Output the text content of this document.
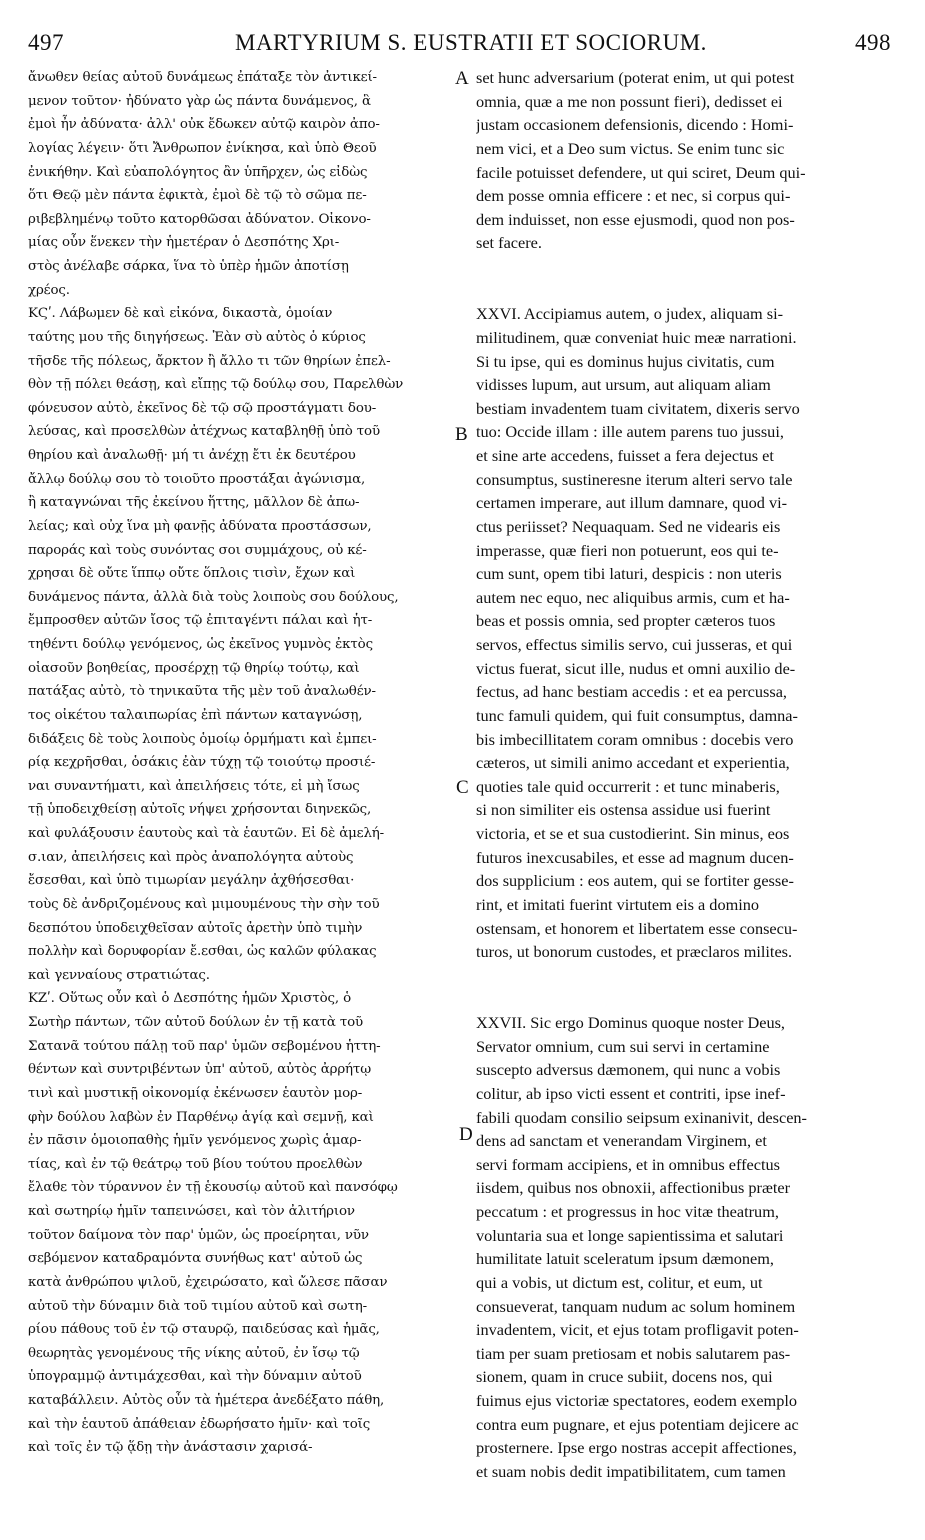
497	MARTYRIUM S. EUSTRATII ET SOCIORUM.	498
ἄνωθεν θείας αὐτοῦ δυνάμεως ἐπάταξε τὸν ἀντικεί-
μενον τοῦτον· ἠδύνατο γὰρ ὡς πάντα δυνάμενος, ἃ
ἐμοὶ ἦν ἀδύνατα· ἀλλ' οὐκ ἔδωκεν αὐτῷ καιρὸν ἀπο-
λογίας λέγειν· ὅτι Ἄνθρωπον ἐνίκησα, καὶ ὑπὸ Θεοῦ
ἐνικήθην. Καὶ εὐαπολόγητος ἂν ὑπῆρχεν, ὡς εἰδὼς
ὅτι Θεῷ μὲν πάντα ἐφικτὰ, ἐμοὶ δὲ τῷ τὸ σῶμα πε-
ριβεβλημένῳ τοῦτο κατορθῶσαι ἀδύνατον. Οἰκονο-
μίας οὖν ἕνεκεν τὴν ἡμετέραν ὁ Δεσπότης Χρι-
στὸς ἀνέλαβε σάρκα, ἵνα τὸ ὑπὲρ ἡμῶν ἀποτίσῃ
χρέος.
ΚϚʹ. Λάβωμεν δὲ καὶ εἰκόνα, δικαστὰ, ὁμοίαν
ταύτης μου τῆς διηγήσεως. Ἐὰν σὺ αὐτὸς ὁ κύριος
τῆσδε τῆς πόλεως, ἄρκτον ἢ ἄλλο τι τῶν θηρίων ἐπελ-
θὸν τῇ πόλει θεάσῃ, καὶ εἴπῃς τῷ δούλῳ σου, Παρελθὼν
φόνευσον αὐτὸ, ἐκεῖνος δὲ τῷ σῷ προστάγματι δου-
λεύσας, καὶ προσελθὼν ἀτέχνως καταβληθῇ ὑπὸ τοῦ
θηρίου καὶ ἀναλωθῇ· μή τι ἀνέχῃ ἔτι ἐκ δευτέρου
ἄλλῳ δούλῳ σου τὸ τοιοῦτο προστάξαι ἀγώνισμα,
ἢ καταγνώναι τῆς ἐκείνου ἥττης, μᾶλλον δὲ ἀπω-
λείας; καὶ οὐχ ἵνα μὴ φανῇς ἀδύνατα προστάσσων,
παροράς καὶ τοὺς συνόντας σοι συμμάχους, οὐ κέ-
χρησαι δὲ οὔτε ἵππῳ οὔτε ὅπλοις τισὶν, ἔχων καὶ
δυνάμενος πάντα, ἀλλὰ διὰ τοὺς λοιποὺς σου δούλους,
ἔμπροσθεν αὐτῶν ἴσος τῷ ἐπιταγέντι πάλαι καὶ ἡτ-
τηθέντι δούλῳ γενόμενος, ὡς ἐκεῖνος γυμνὸς ἐκτὸς
οἱασοῦν βοηθείας, προσέρχῃ τῷ θηρίῳ τούτῳ, καὶ
πατάξας αὐτὸ, τὸ τηνικαῦτα τῆς μὲν τοῦ ἀναλωθέν-
τος οἰκέτου ταλαιπωρίας ἐπὶ πάντων καταγνώσῃ,
διδάξεις δὲ τοὺς λοιποὺς ὁμοίῳ ὁρμήματι καὶ ἐμπει-
ρίᾳ κεχρῆσθαι, ὁσάκις ἐὰν τύχῃ τῷ τοιούτῳ προσιέ-
ναι συναντήματι, καὶ ἀπειλήσεις τότε, εἰ μὴ ἴσως
τῇ ὑποδειχθείσῃ αὐτοῖς νήψει χρήσονται διηνεκῶς,
καὶ φυλάξουσιν ἑαυτοὺς καὶ τὰ ἑαυτῶν. Εἰ δὲ ἀμελή-
σ.ιαν, ἀπειλήσεις καὶ πρὸς ἀναπολόγητα αὐτοὺς
ἔσεσθαι, καὶ ὑπὸ τιμωρίαν μεγάλην ἀχθήσεσθαι·
τοὺς δὲ ἀνδριζομένους καὶ μιμουμένους τὴν σὴν τοῦ
δεσπότου ὑποδειχθεῖσαν αὐτοῖς ἀρετὴν ὑπὸ τιμὴν
πολλὴν καὶ δορυφορίαν ἔ.εσθαι, ὡς καλῶν φύλακας
καὶ γενναίους στρατιώτας.
ΚΖʹ. Οὕτως οὖν καὶ ὁ Δεσπότης ἡμῶν Χριστὸς, ὁ
Σωτὴρ πάντων, τῶν αὐτοῦ δούλων ἐν τῇ κατὰ τοῦ
Σατανᾶ τούτου πάλῃ τοῦ παρ' ὑμῶν σεβομένου ἡττη-
θέντων καὶ συντριβέντων ὑπ' αὐτοῦ, αὐτὸς ἀρρήτῳ
τινὶ καὶ μυστικῇ οἰκονομίᾳ ἐκένωσεν ἑαυτὸν μορ-
φὴν δούλου λαβὼν ἐν Παρθένῳ ἁγίᾳ καὶ σεμνῇ, καὶ
ἐν πᾶσιν ὁμοιοπαθὴς ἡμῖν γενόμενος χωρὶς ἁμαρ-
τίας, καὶ ἐν τῷ θεάτρῳ τοῦ βίου τούτου προελθὼν
ἔλαθε τὸν τύραννον ἐν τῇ ἑκουσίῳ αὐτοῦ καὶ πανσόφῳ
καὶ σωτηρίῳ ἡμῖν ταπεινώσει, καὶ τὸν ἀλιτήριον
τοῦτον δαίμονα τὸν παρ' ὑμῶν, ὡς προείρηται, νῦν
σεβόμενον καταδραμόντα συνήθως κατ' αὐτοῦ ὡς
κατὰ ἀνθρώπου ψιλοῦ, ἐχειρώσατο, καὶ ὤλεσε πᾶσαν
αὐτοῦ τὴν δύναμιν διὰ τοῦ τιμίου αὐτοῦ καὶ σωτη-
ρίου πάθους τοῦ ἐν τῷ σταυρῷ, παιδεύσας καὶ ἡμᾶς,
θεωρητὰς γενομένους τῆς νίκης αὐτοῦ, ἐν ἴσῳ τῷ
ὑπογραμμῷ ἀντιμάχεσθαι, καὶ τὴν δύναμιν αὐτοῦ
καταβάλλειν. Αὐτὸς οὖν τὰ ἡμέτερα ἀνεδέξατο πάθη,
καὶ τὴν ἑαυτοῦ ἀπάθειαν ἐδωρήσατο ἡμῖν· καὶ τοῖς
καὶ τοῖς ἐν τῷ ᾅδῃ τὴν ἀνάστασιν χαρισά-
set hunc adversarium (poterat enim, ut qui potest
omnia, quæ a me non possunt fieri), dedisset ei
justam occasionem defensionis, dicendo : Homi-
nem vici, et a Deo sum victus. Se enim tunc sic
facile potuisset defendere, ut qui sciret, Deum qui-
dem posse omnia efficere : et nec, si corpus qui-
dem induisset, non esse ejusmodi, quod non pos-
set facere.
XXVI. Accipiamus autem, o judex, aliquam si-
militudinem, quæ conveniat huic meæ narrationi.
Si tu ipse, qui es dominus hujus civitatis, cum
vidisses lupum, aut ursum, aut aliquam aliam
bestiam invadentem tuam civitatem, dixeris servo
tuo: Occide illam : ille autem parens tuo jussui,
et sine arte accedens, fuisset a fera dejectus et
consumptus, sustineresne iterum alteri servo tale
certamen imperare, aut illum damnare, quod vi-
ctus periisset? Nequaquam. Sed ne videaris eis
imperasse, quæ fieri non potuerunt, eos qui te-
cum sunt, opem tibi laturi, despicis : non uteris
autem nec equo, nec aliquibus armis, cum et ha-
beas et possis omnia, sed propter cæteros tuos
servos, effectus similis servo, cui jusseras, et qui
victus fuerat, sicut ille, nudus et omni auxilio de-
fectus, ad hanc bestiam accedis : et ea percussa,
tunc famuli quidem, qui fuit consumptus, damna-
bis imbecillitatem coram omnibus : docebis vero
cæteros, ut simili animo accedant et experientia,
quoties tale quid occurrerit : et tunc minaberis,
si non similiter eis ostensa assidue usi fuerint
victoria, et se et sua custodierint. Sin minus, eos
futuros inexcusabiles, et esse ad magnum ducen-
dos supplicium : eos autem, qui se fortiter gesse-
rint, et imitati fuerint virtutem eis a domino
ostensam, et honorem et libertatem esse consecu-
turos, ut bonorum custodes, et præclaros milites.
XXVII. Sic ergo Dominus quoque noster Deus,
Servator omnium, cum sui servi in certamine
suscepto adversus dæmonem, qui nunc a vobis
colitur, ab ipso victi essent et contriti, ipse inef-
fabili quodam consilio seipsum exinanivit, descen-
dens ad sanctam et venerandam Virginem, et
servi formam accipiens, et in omnibus effectus
iisdem, quibus nos obnoxii, affectionibus præter
peccatum : et progressus in hoc vitæ theatrum,
voluntaria sua et longe sapientissima et salutari
humilitate latuit sceleratum ipsum dæmonem,
qui a vobis, ut dictum est, colitur, et eum, ut
consueverat, tanquam nudum ac solum hominem
invadentem, vicit, et ejus totam profligavit poten-
tiam per suam pretiosam et nobis salutarem pas-
sionem, quam in cruce subiit, docens nos, qui
fuimus ejus victoriæ spectatores, eodem exemplo
contra eum pugnare, et ejus potentiam dejicere ac
prosternere. Ipse ergo nostras accepit affectiones,
et suam nobis dedit impatibilitatem, cum tamen
A
B
C
D
